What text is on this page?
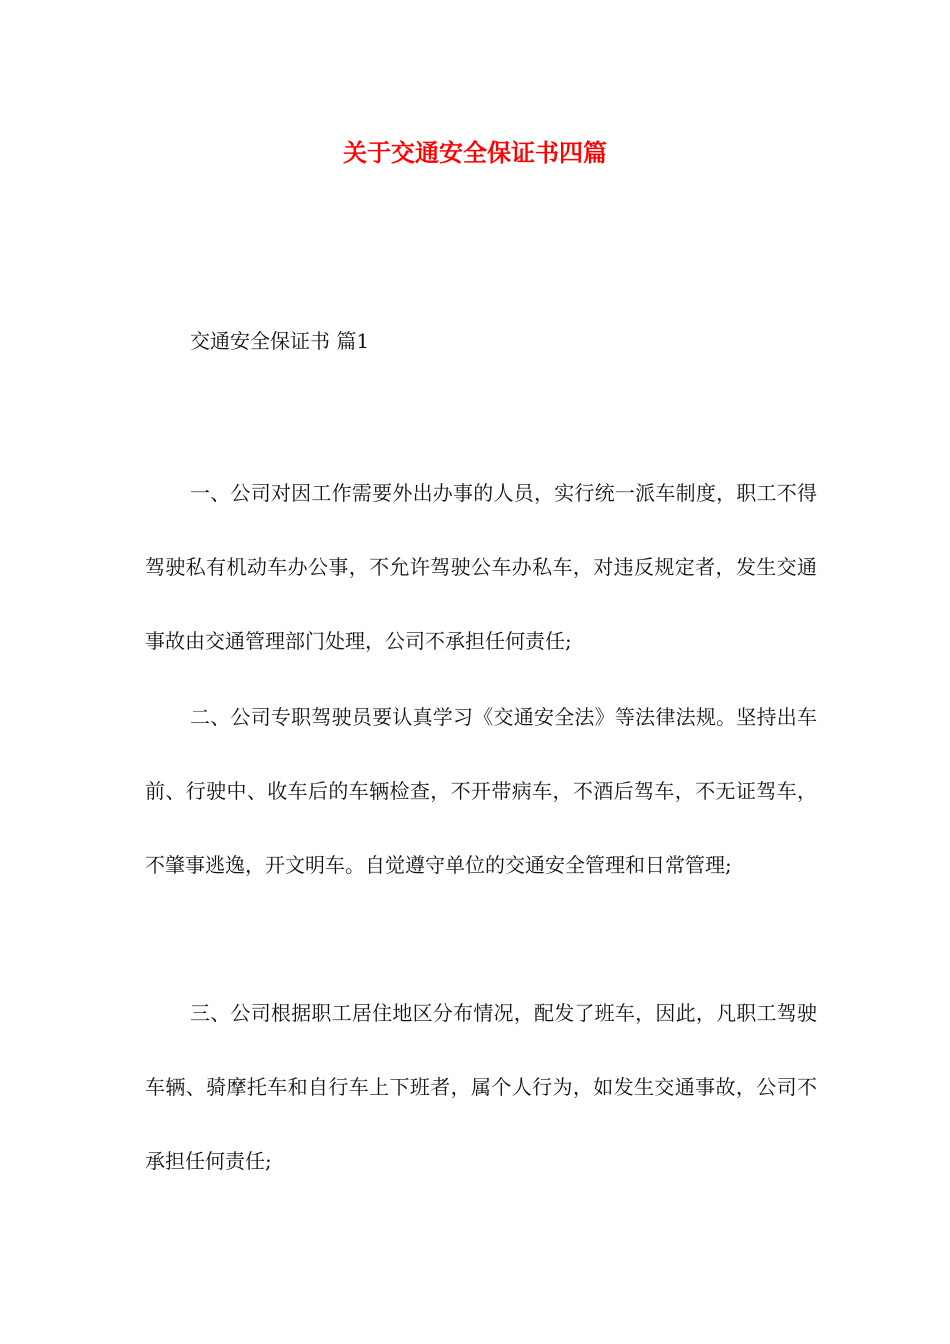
关于交通安全保证书四篇
交通安全保证书 篇1

一、公司对因工作需要外出办事的人员，实行统一派车制度，职工不得驾驶私有机动车办公事，不允许驾驶公车办私车，对违反规定者，发生交通事故由交通管理部门处理，公司不承担任何责任;

二、公司专职驾驶员要认真学习《交通安全法》等法律法规。坚持出车前、行驶中、收车后的车辆检查，不开带病车，不酒后驾车，不无证驾车，不肇事逃逸，开文明车。自觉遵守单位的交通安全管理和日常管理;

三、公司根据职工居住地区分布情况，配发了班车，因此，凡职工驾驶车辆、骑摩托车和自行车上下班者，属个人行为，如发生交通事故，公司不承担任何责任;
